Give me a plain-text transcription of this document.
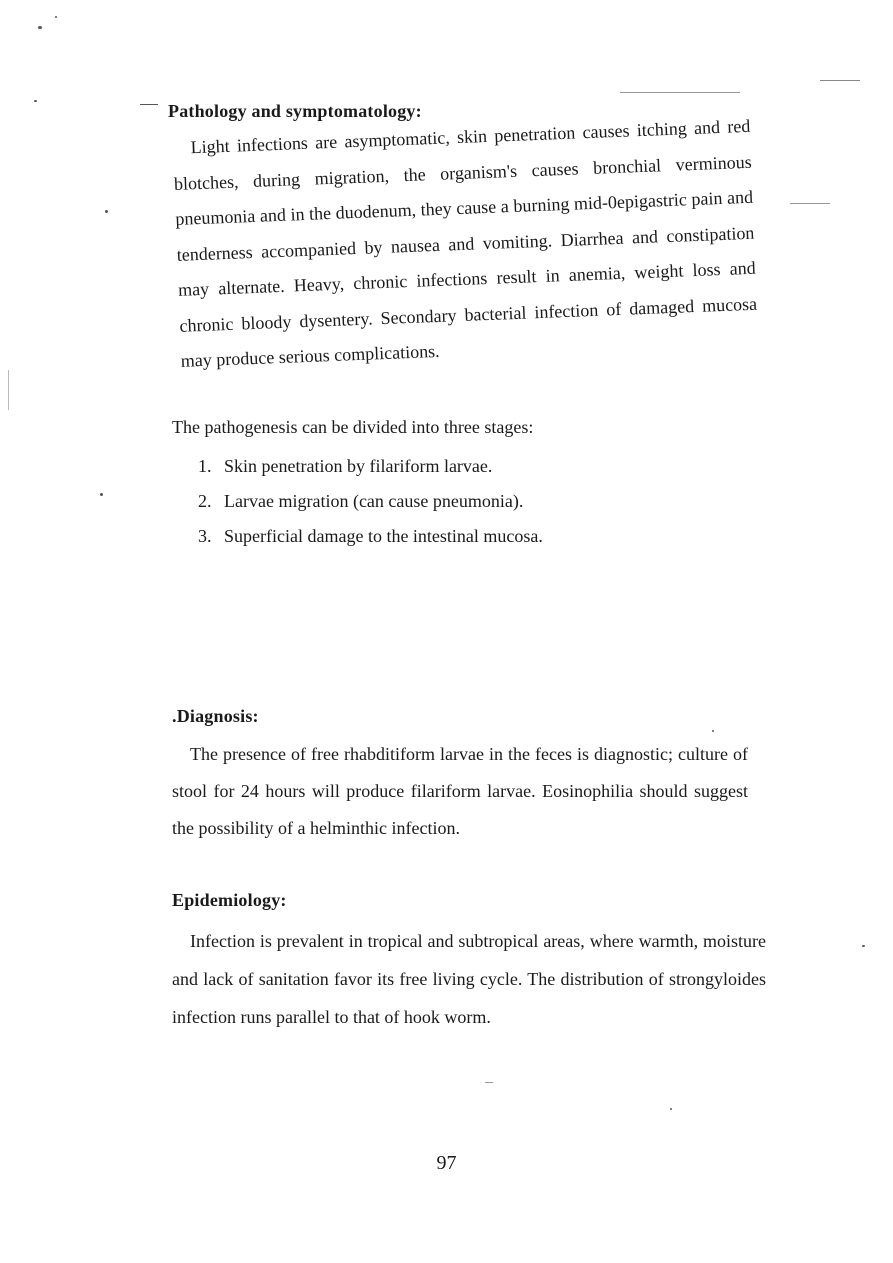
Pathology and symptomatology:

Light infections are asymptomatic, skin penetration causes itching and red blotches, during migration, the organism's causes bronchial verminous pneumonia and in the duodenum, they cause a burning mid-0epigastric pain and tenderness accompanied by nausea and vomiting. Diarrhea and constipation may alternate. Heavy, chronic infections result in anemia, weight loss and chronic bloody dysentery. Secondary bacterial infection of damaged mucosa may produce serious complications.

The pathogenesis can be divided into three stages:

1. Skin penetration by filariform larvae.
2. Larvae migration (can cause pneumonia).
3. Superficial damage to the intestinal mucosa.
.Diagnosis:

The presence of free rhabditiform larvae in the feces is diagnostic; culture of stool for 24 hours will produce filariform larvae. Eosinophilia should suggest the possibility of a helminthic infection.

Epidemiology:

Infection is prevalent in tropical and subtropical areas, where warmth, moisture and lack of sanitation favor its free living cycle. The distribution of strongyloides infection runs parallel to that of hook worm.

97
